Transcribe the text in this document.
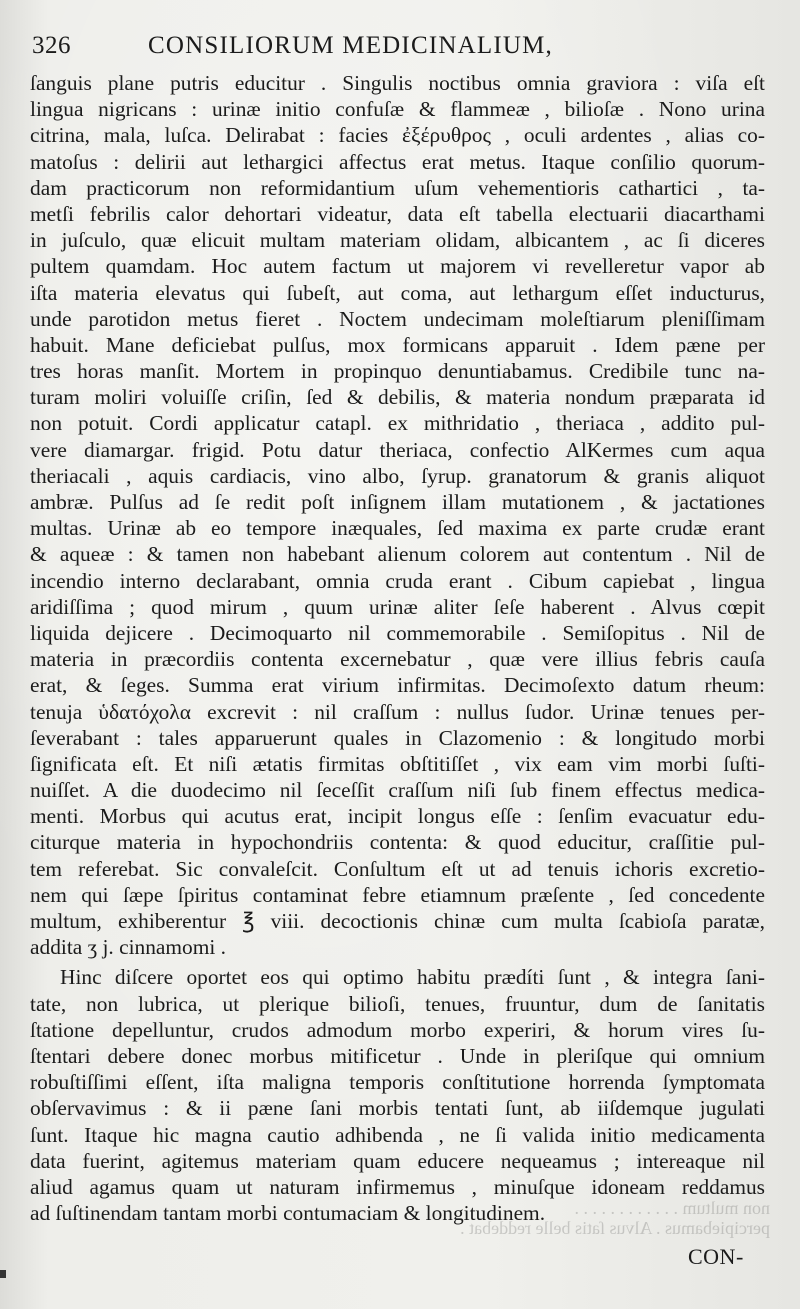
326	CONSILIORUM MEDICINALIUM,
non multum . . . . . . . . . . . .
percipiebamus . Alvus ſatis belle reddebat .
ſanguis plane putris educitur . Singulis noctibus omnia graviora : viſa eſt
lingua nigricans : urinæ initio confuſæ & flammeæ , bilioſæ . Nono urina
citrina, mala, luſca. Delirabat : facies ἐξέρυθρος , oculi ardentes , alias co-
matoſus : delirii aut lethargici affectus erat metus. Itaque conſilio quorum-
dam practicorum non reformidantium uſum vehementioris cathartici , ta-
metſi febrilis calor dehortari videatur, data eſt tabella electuarii diacarthami
in juſculo, quæ elicuit multam materiam olidam, albicantem , ac ſi diceres
pultem quamdam. Hoc autem factum ut majorem vi revelleretur vapor ab
iſta materia elevatus qui ſubeſt, aut coma, aut lethargum eſſet inducturus,
unde parotidon metus fieret . Noctem undecimam moleſtiarum pleniſſimam
habuit. Mane deficiebat pulſus, mox formicans apparuit . Idem pæne per
tres horas manſit. Mortem in propinquo denuntiabamus. Credibile tunc na-
turam moliri voluiſſe criſin, ſed & debilis, & materia nondum præparata id
non potuit. Cordi applicatur catapl. ex mithridatio , theriaca , addito pul-
vere diamargar. frigid. Potu datur theriaca, confectio AlKermes cum aqua
theriacali , aquis cardiacis, vino albo, ſyrup. granatorum & granis aliquot
ambræ. Pulſus ad ſe redit poſt inſignem illam mutationem , & jactationes
multas. Urinæ ab eo tempore inæquales, ſed maxima ex parte crudæ erant
& aqueæ : & tamen non habebant alienum colorem aut contentum . Nil de
incendio interno declarabant, omnia cruda erant . Cibum capiebat , lingua
aridiſſima ; quod mirum , quum urinæ aliter ſeſe haberent . Alvus cœpit
liquida dejicere . Decimoquarto nil commemorabile . Semiſopitus . Nil de
materia in præcordiis contenta excernebatur , quæ vere illius febris cauſa
erat, & ſeges. Summa erat virium infirmitas. Decimoſexto datum rheum:
tenuja ὑδατόχολα excrevit : nil craſſum : nullus ſudor. Urinæ tenues per-
ſeverabant : tales apparuerunt quales in Clazomenio : & longitudo morbi
ſignificata eſt. Et niſi ætatis firmitas obſtitiſſet , vix eam vim morbi ſuſti-
nuiſſet. A die duodecimo nil ſeceſſit craſſum niſi ſub finem effectus medica-
menti. Morbus qui acutus erat, incipit longus eſſe : ſenſim evacuatur edu-
citurque materia in hypochondriis contenta: & quod educitur, craſſitie pul-
tem referebat. Sic convaleſcit. Conſultum eſt ut ad tenuis ichoris excretio-
nem qui ſæpe ſpiritus contaminat febre etiamnum præſente , ſed concedente
multum, exhiberentur ℥ viii. decoctionis chinæ cum multa ſcabioſa paratæ,
addita ʒ j. cinnamomi .
Hinc diſcere oportet eos qui optimo habitu prædíti ſunt , & integra ſani-
tate, non lubrica, ut plerique bilioſi, tenues, fruuntur, dum de ſanitatis
ſtatione depelluntur, crudos admodum morbo experiri, & horum vires ſu-
ſtentari debere donec morbus mitificetur . Unde in pleriſque qui omnium
robuſtiſſimi eſſent, iſta maligna temporis conſtitutione horrenda ſymptomata
obſervavimus : & ii pæne ſani morbis tentati ſunt, ab iiſdemque jugulati
ſunt. Itaque hic magna cautio adhibenda , ne ſi valida initio medicamenta
data fuerint, agitemus materiam quam educere nequeamus ; intereaque nil
aliud agamus quam ut naturam infirmemus , minuſque idoneam reddamus
ad ſuſtinendam tantam morbi contumaciam & longitudinem.
CON-
